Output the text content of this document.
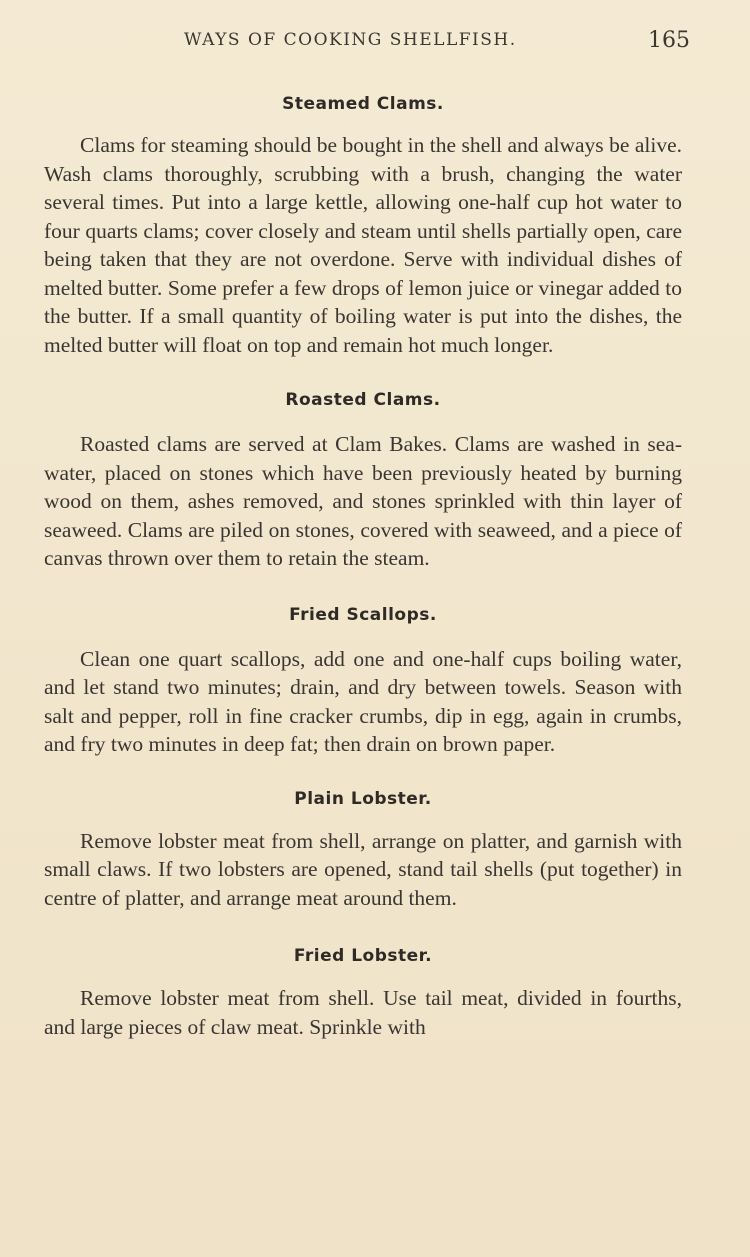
WAYS OF COOKING SHELLFISH.	165
Steamed Clams.

Clams for steaming should be bought in the shell and always be alive. Wash clams thoroughly, scrubbing with a brush, changing the water several times. Put into a large kettle, allowing one-half cup hot water to four quarts clams; cover closely and steam until shells partially open, care being taken that they are not overdone. Serve with individual dishes of melted butter. Some prefer a few drops of lemon juice or vinegar added to the butter. If a small quantity of boiling water is put into the dishes, the melted butter will float on top and remain hot much longer.

Roasted Clams.

Roasted clams are served at Clam Bakes. Clams are washed in sea-water, placed on stones which have been previously heated by burning wood on them, ashes removed, and stones sprinkled with thin layer of seaweed. Clams are piled on stones, covered with seaweed, and a piece of canvas thrown over them to retain the steam.

Fried Scallops.

Clean one quart scallops, add one and one-half cups boiling water, and let stand two minutes; drain, and dry between towels. Season with salt and pepper, roll in fine cracker crumbs, dip in egg, again in crumbs, and fry two minutes in deep fat; then drain on brown paper.

Plain Lobster.

Remove lobster meat from shell, arrange on platter, and garnish with small claws. If two lobsters are opened, stand tail shells (put together) in centre of platter, and arrange meat around them.

Fried Lobster.

Remove lobster meat from shell. Use tail meat, divided in fourths, and large pieces of claw meat. Sprinkle with
